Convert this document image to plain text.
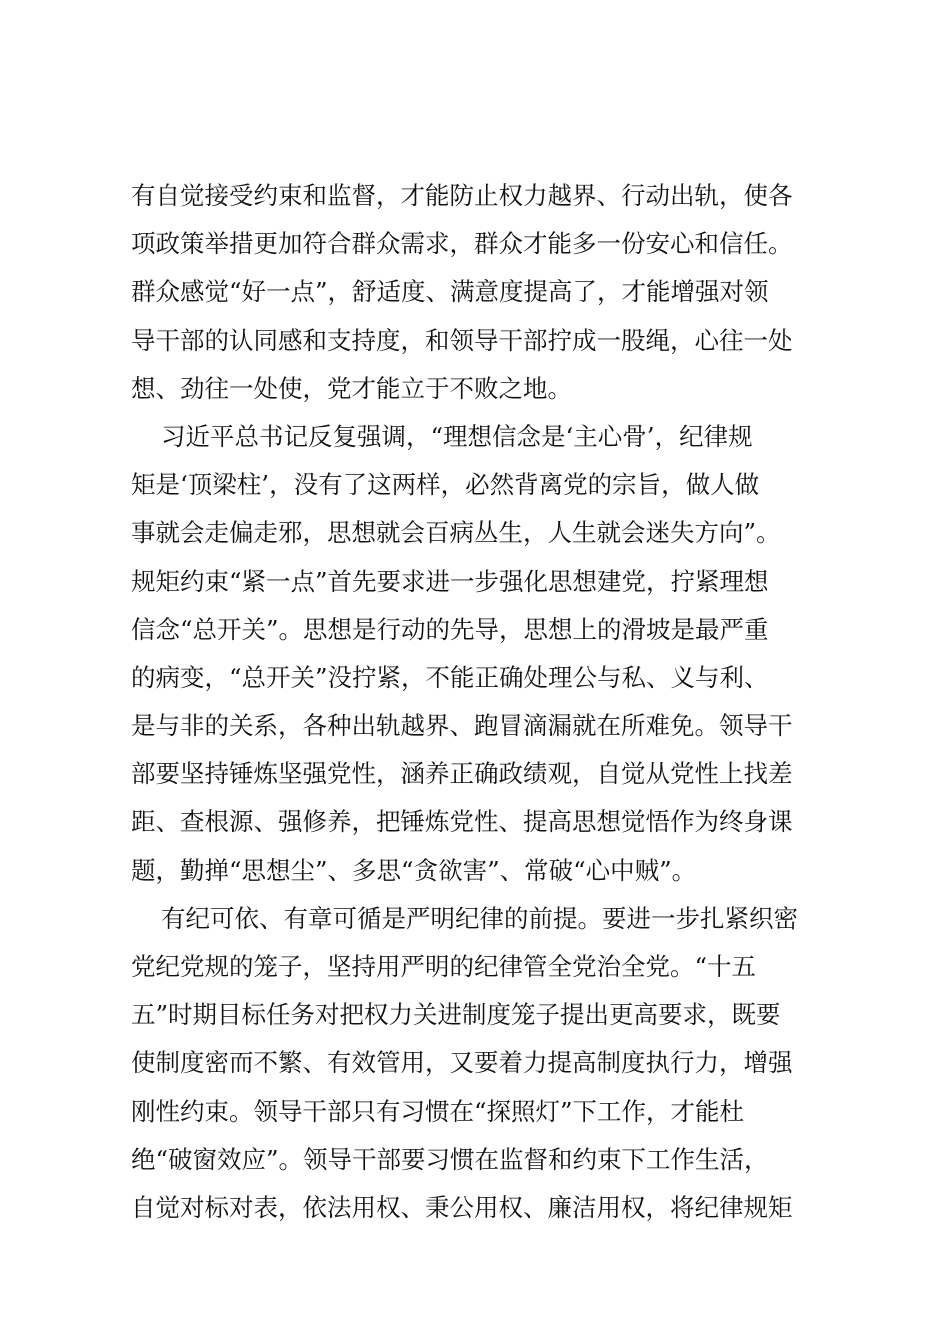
有自觉接受约束和监督，才能防止权力越界、行动出轨，使各
项政策举措更加符合群众需求，群众才能多一份安心和信任。
群众感觉“好一点”，舒适度、满意度提高了，才能增强对领
导干部的认同感和支持度，和领导干部拧成一股绳，心往一处
想、劲往一处使，党才能立于不败之地。
习近平总书记反复强调，“理想信念是‘主心骨’，纪律规
矩是‘顶梁柱’，没有了这两样，必然背离党的宗旨，做人做
事就会走偏走邪，思想就会百病丛生，人生就会迷失方向”。
规矩约束“紧一点”首先要求进一步强化思想建党，拧紧理想
信念“总开关”。思想是行动的先导，思想上的滑坡是最严重
的病变，“总开关”没拧紧，不能正确处理公与私、义与利、
是与非的关系，各种出轨越界、跑冒滴漏就在所难免。领导干
部要坚持锤炼坚强党性，涵养正确政绩观，自觉从党性上找差
距、查根源、强修养，把锤炼党性、提高思想觉悟作为终身课
题，勤掸“思想尘”、多思“贪欲害”、常破“心中贼”。
有纪可依、有章可循是严明纪律的前提。要进一步扎紧织密
党纪党规的笼子，坚持用严明的纪律管全党治全党。“十五
五”时期目标任务对把权力关进制度笼子提出更高要求，既要
使制度密而不繁、有效管用，又要着力提高制度执行力，增强
刚性约束。领导干部只有习惯在“探照灯”下工作，才能杜
绝“破窗效应”。领导干部要习惯在监督和约束下工作生活，
自觉对标对表，依法用权、秉公用权、廉洁用权，将纪律规矩
